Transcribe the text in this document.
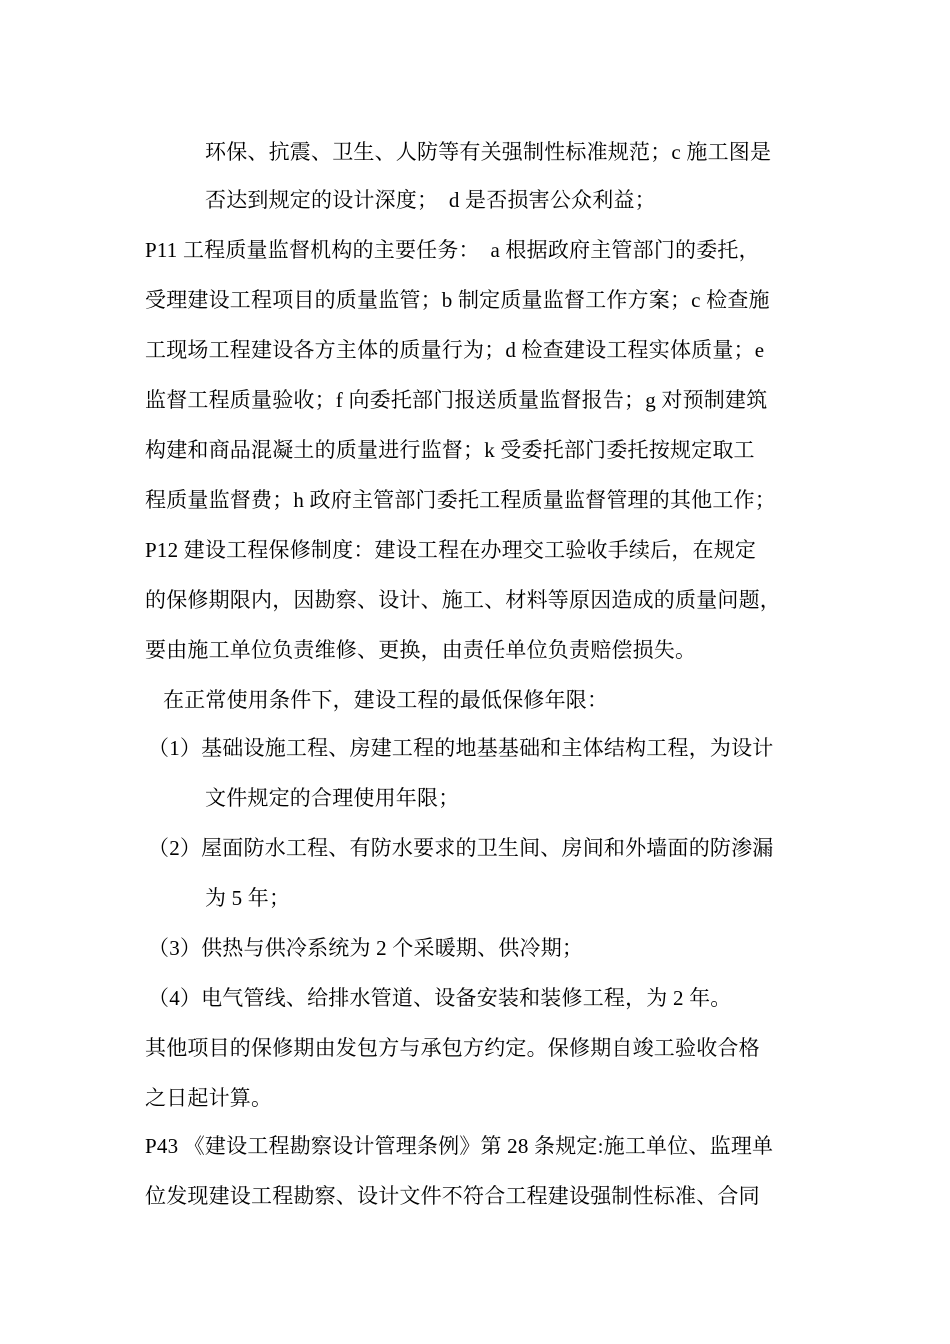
环保、抗震、卫生、人防等有关强制性标准规范；c 施工图是
否达到规定的设计深度；　d 是否损害公众利益；
P11 工程质量监督机构的主要任务：　a 根据政府主管部门的委托，
受理建设工程项目的质量监管；b 制定质量监督工作方案；c 检查施
工现场工程建设各方主体的质量行为；d 检查建设工程实体质量；e
监督工程质量验收；f 向委托部门报送质量监督报告；g 对预制建筑
构建和商品混凝土的质量进行监督；k 受委托部门委托按规定取工
程质量监督费；h 政府主管部门委托工程质量监督管理的其他工作；
P12 建设工程保修制度：建设工程在办理交工验收手续后，在规定
的保修期限内，因勘察、设计、施工、材料等原因造成的质量问题，
要由施工单位负责维修、更换，由责任单位负责赔偿损失。
在正常使用条件下，建设工程的最低保修年限：
（1）基础设施工程、房建工程的地基基础和主体结构工程，为设计
文件规定的合理使用年限；
（2）屋面防水工程、有防水要求的卫生间、房间和外墙面的防渗漏
为 5 年；
（3）供热与供冷系统为 2 个采暖期、供冷期；
（4）电气管线、给排水管道、设备安装和装修工程，为 2 年。
其他项目的保修期由发包方与承包方约定。保修期自竣工验收合格
之日起计算。
P43 《建设工程勘察设计管理条例》第 28 条规定:施工单位、监理单
位发现建设工程勘察、设计文件不符合工程建设强制性标准、合同
